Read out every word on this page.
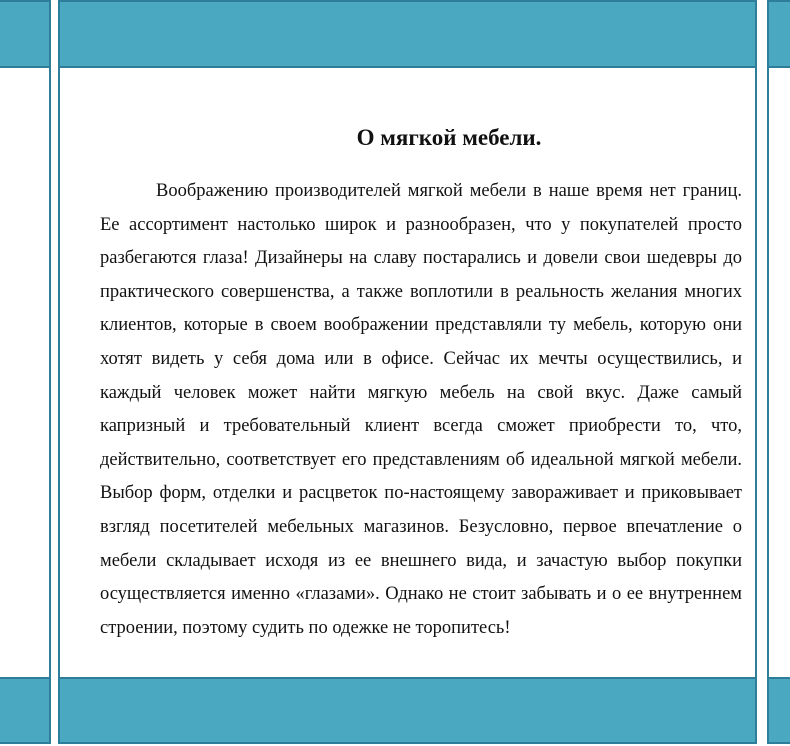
О мягкой мебели.

Воображению производителей мягкой мебели в наше время нет границ. Ее ассортимент настолько широк и разнообразен, что у покупателей просто разбегаются глаза! Дизайнеры на славу постарались и довели свои шедевры до практического совершенства, а также воплотили в реальность желания многих клиентов, которые в своем воображении представляли ту мебель, которую они хотят видеть у себя дома или в офисе. Сейчас их мечты осуществились, и каждый человек может найти мягкую мебель на свой вкус. Даже самый капризный и требовательный клиент всегда сможет приобрести то, что, действительно, соответствует его представлениям об идеальной мягкой мебели. Выбор форм, отделки и расцветок по-настоящему завораживает и приковывает взгляд посетителей мебельных магазинов. Безусловно, первое впечатление о мебели складывает исходя из ее внешнего вида, и зачастую выбор покупки осуществляется именно «глазами». Однако не стоит забывать и о ее внутреннем строении, поэтому судить по одежке не торопитесь!
